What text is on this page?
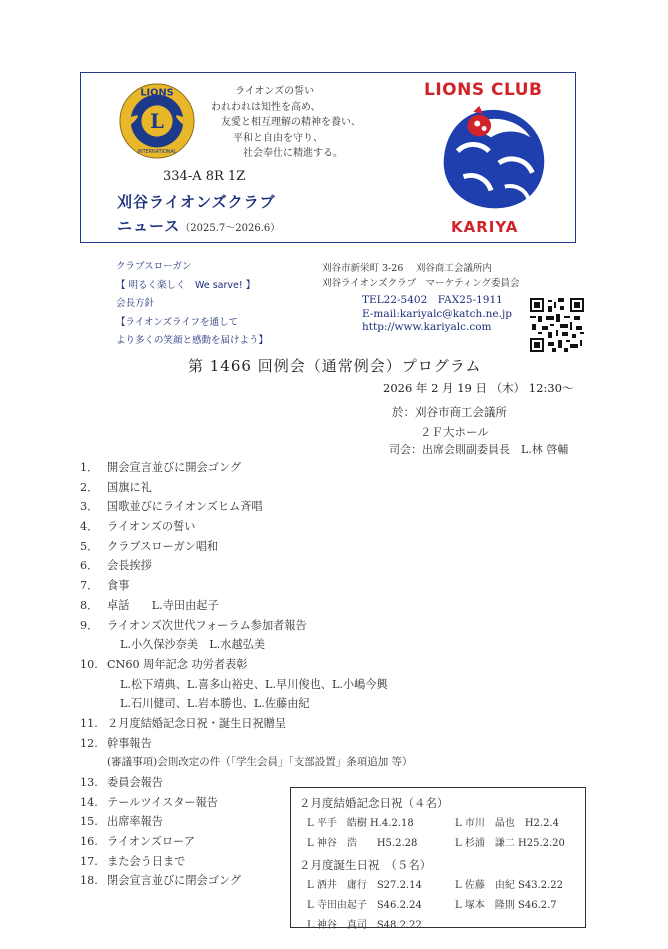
L
LIONS
INTERNATIONAL
ライオンズの誓い
われわれは知性を高め、
友愛と相互理解の精神を養い、
平和と自由を守り、
社会奉仕に精進する。
LIONS CLUB
KARIYA
334-A 8R 1Z
刈谷ライオンズクラブ
ニュース（2025.7～2026.6）
クラブスローガン
【 明るく楽しく　We sarve! 】
会長方針
【ライオンズライフを通して
より多くの笑顔と感動を届けよう】
刈谷市新栄町 3-26　 刈谷商工会議所内
刈谷ライオンズクラブ　マーケティング委員会
TEL22-5402　FAX25-1911
E-mail:kariyalc@katch.ne.jp
http://www.kariyalc.com
第 1466 回例会（通常例会）プログラム
2026 年 2 月 19 日 （木） 12:30～
於：刈谷市商工会議所
２Ｆ大ホール
司会：出席会則副委員長　L.林 啓輔
1． 開会宣言並びに開会ゴング
2． 国旗に礼
3． 国歌並びにライオンズヒム斉唱
4． ライオンズの誓い
5． クラブスローガン唱和
6． 会長挨拶
7． 食事
8． 卓話　　L.寺田由起子
9． ライオンズ次世代フォーラム参加者報告
L.小久保沙奈美　L.水越弘美
10. CN60 周年記念 功労者表彰
L.松下靖典、L.喜多山裕史、L.早川俊也、L.小嶋今興
L.石川健司、L.岩本勝也、L.佐藤由紀
11. ２月度結婚記念日祝・誕生日祝贈呈
12. 幹事報告
(審議事項)会則改定の件（「学生会員」「支部設置」条項追加 等）
13. 委員会報告
14. テールツイスター報告
15. 出席率報告
16. ライオンズローア
17. また会う日まで
18. 閉会宣言並びに閉会ゴング
２月度結婚記念日祝（４名）
L 平手　皓樹 H.4.2.18	L 市川　晶也　H2.2.4
L 神谷　浩　　H5.2.28	L 杉浦　謙二 H25.2.20
２月度誕生日祝　（５名）
L 酒井　庸行　S27.2.14	L 佐藤　由紀 S43.2.22
L 寺田由起子　S46.2.24	L 塚本　隆則 S46.2.7
L 神谷　真司　S48.2.22
